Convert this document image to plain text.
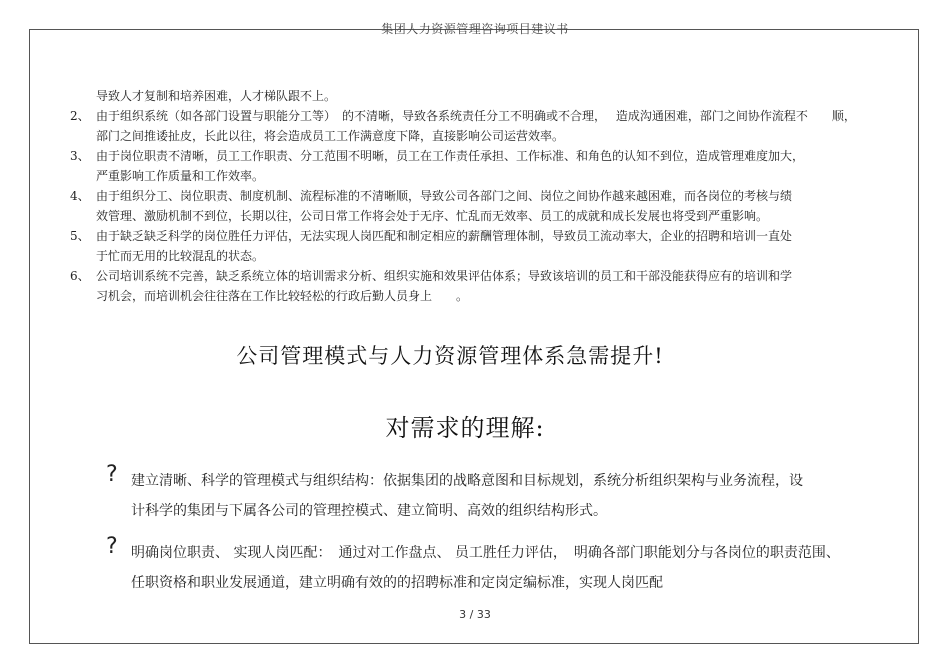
集团人力资源管理咨询项目建议书
导致人才复制和培养困难，人才梯队跟不上。
2、 由于组织系统（如各部门设置与职能分工等）　的不清晰，导致各系统责任分工不明确或不合理，　 造成沟通困难，部门之间协作流程不　　顺，
部门之间推诿扯皮，长此以往，将会造成员工工作满意度下降，直接影响公司运营效率。
3、 由于岗位职责不清晰，员工工作职责、分工范围不明晰，员工在工作责任承担、工作标准、和角色的认知不到位，造成管理难度加大，
严重影响工作质量和工作效率。
4、 由于组织分工、岗位职责、制度机制、流程标准的不清晰顺，导致公司各部门之间、岗位之间协作越来越困难，而各岗位的考核与绩
效管理、激励机制不到位，长期以往，公司日常工作将会处于无序、忙乱而无效率、员工的成就和成长发展也将受到严重影响。
5、 由于缺乏缺乏科学的岗位胜任力评估，无法实现人岗匹配和制定相应的薪酬管理体制，导致员工流动率大，企业的招聘和培训一直处
于忙而无用的比较混乱的状态。
6、 公司培训系统不完善，缺乏系统立体的培训需求分析、组织实施和效果评估体系；导致该培训的员工和干部没能获得应有的培训和学
习机会，而培训机会往往落在工作比较轻松的行政后勤人员身上　　。
公司管理模式与人力资源管理体系急需提升!
对需求的理解:
? 建立清晰、科学的管理模式与组织结构：依据集团的战略意图和目标规划，系统分析组织架构与业务流程，设
计科学的集团与下属各公司的管理控模式、建立简明、高效的组织结构形式。
? 明确岗位职责、 实现人岗匹配：　通过对工作盘点、 员工胜任力评估，　明确各部门职能划分与各岗位的职责范围、
任职资格和职业发展通道，建立明确有效的的招聘标准和定岗定编标准，实现人岗匹配
3 / 33
